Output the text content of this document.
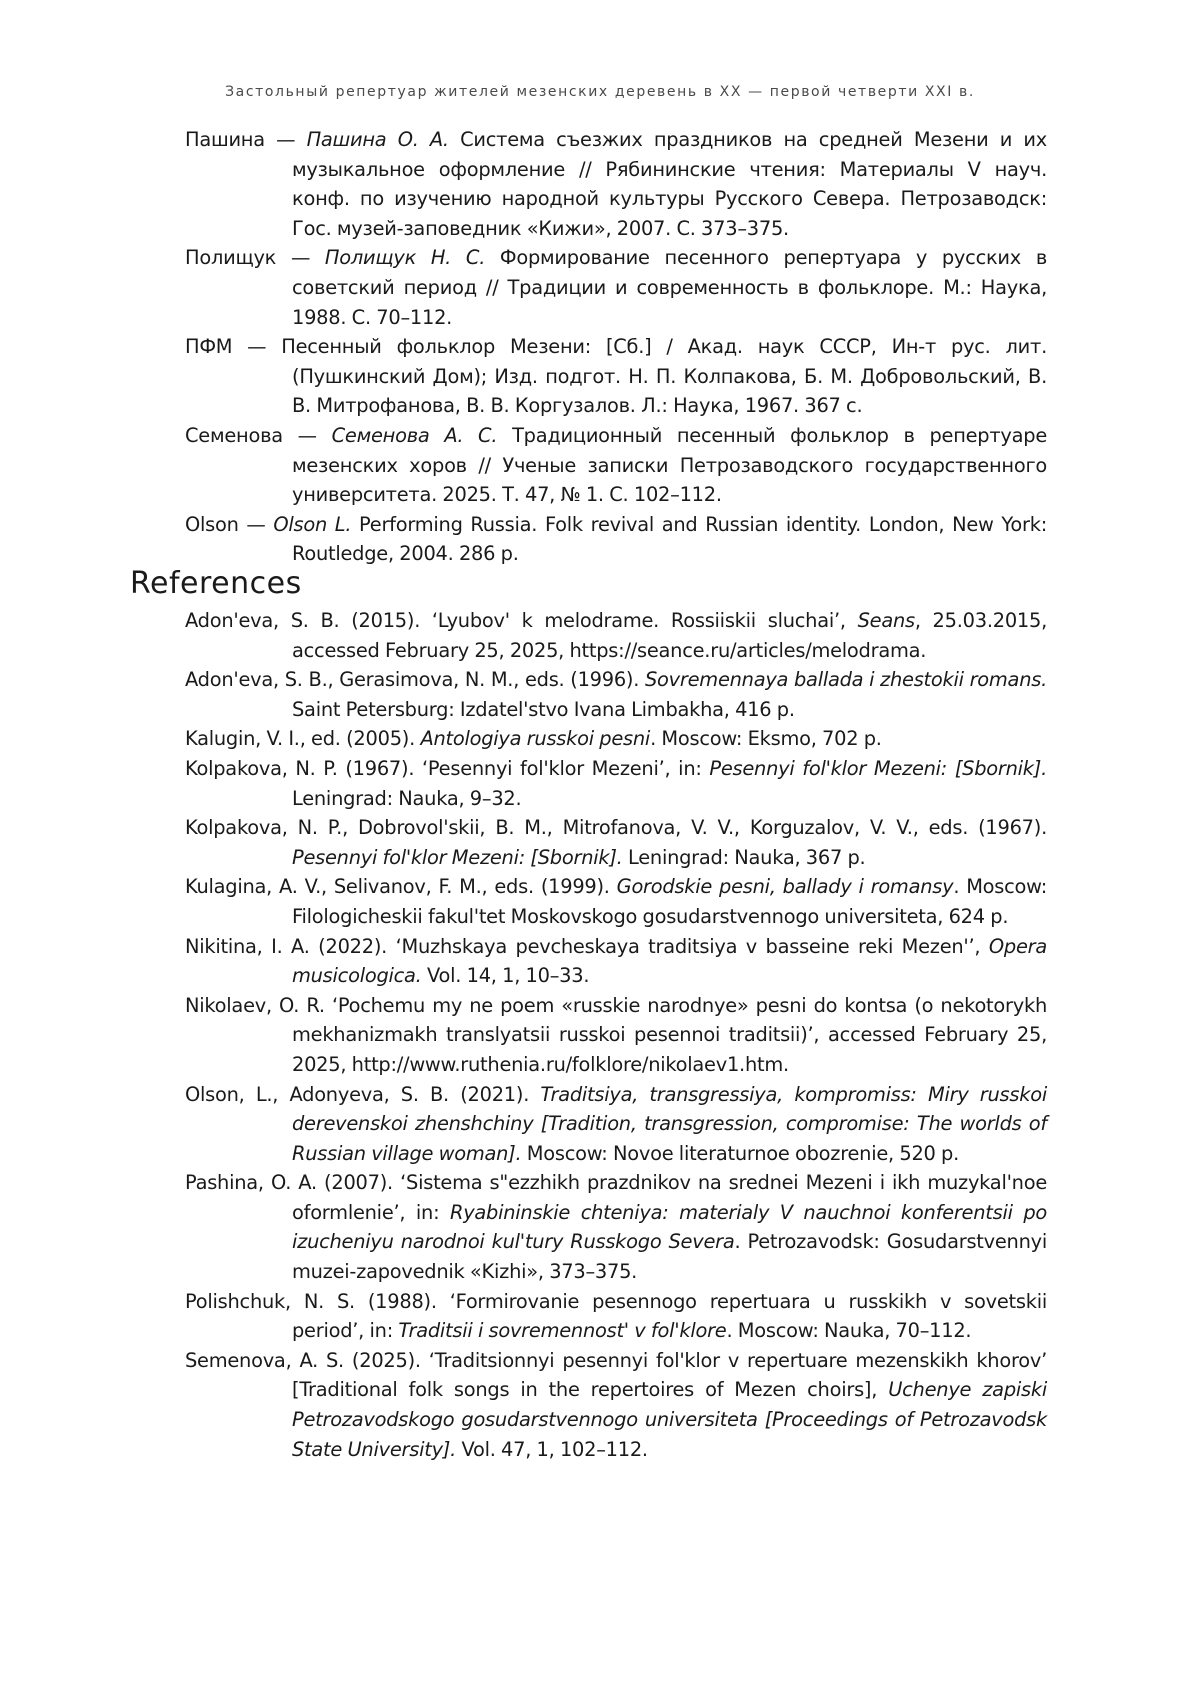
Застольный репертуар жителей мезенских деревень в ХХ — первой четверти XXI в.

Пашина — Пашина О. А. Система съезжих праздников на средней Мезени и их музыкальное оформление // Рябининские чтения: Материалы V науч. конф. по изучению народной культуры Русского Севера. Петрозаводск: Гос. музей-заповедник «Кижи», 2007. С. 373–375.

Полищук — Полищук Н. С. Формирование песенного репертуара у русских в советский период // Традиции и современность в фольклоре. М.: Наука, 1988. С. 70–112.

ПФМ — Песенный фольклор Мезени: [Сб.] / Акад. наук СССР, Ин-т рус. лит. (Пушкинский Дом); Изд. подгот. Н. П. Колпакова, Б. М. Добровольский, В. В. Митрофанова, В. В. Коргузалов. Л.: Наука, 1967. 367 с.

Семенова — Семенова А. С. Традиционный песенный фольклор в репертуаре мезенских хоров // Ученые записки Петрозаводского государственного университета. 2025. Т. 47, № 1. С. 102–112.

Olson — Olson L. Performing Russia. Folk revival and Russian identity. London, New York: Routledge, 2004. 286 p.

References

Adon'eva, S. B. (2015). ‘Lyubov' k melodrame. Rossiiskii sluchai’, Seans, 25.03.2015, accessed February 25, 2025, https://seance.ru/articles/melodrama.

Adon'eva, S. B., Gerasimova, N. M., eds. (1996). Sovremennaya ballada i zhestokii romans. Saint Petersburg: Izdatel'stvo Ivana Limbakha, 416 p.

Kalugin, V. I., ed. (2005). Antologiya russkoi pesni. Moscow: Eksmo, 702 p.

Kolpakova, N. P. (1967). ‘Pesennyi fol'klor Mezeni’, in: Pesennyi fol'klor Mezeni: [Sbornik]. Leningrad: Nauka, 9–32.

Kolpakova, N. P., Dobrovol'skii, B. M., Mitrofanova, V. V., Korguzalov, V. V., eds. (1967). Pesennyi fol'klor Mezeni: [Sbornik]. Leningrad: Nauka, 367 p.

Kulagina, A. V., Selivanov, F. M., eds. (1999). Gorodskie pesni, ballady i romansy. Moscow: Filologicheskii fakul'tet Moskovskogo gosudarstvennogo universiteta, 624 p.

Nikitina, I. A. (2022). ‘Muzhskaya pevcheskaya traditsiya v basseine reki Mezen'’, Opera musicologica. Vol. 14, 1, 10–33.

Nikolaev, O. R. ‘Pochemu my ne poem «russkie narodnye» pesni do kontsa (o nekotorykh mekhanizmakh translyatsii russkoi pesennoi traditsii)’, accessed February 25, 2025, http://www.ruthenia.ru/folklore/nikolaev1.htm.

Olson, L., Adonyeva, S. B. (2021). Traditsiya, transgressiya, kompromiss: Miry russkoi derevenskoi zhenshchiny [Tradition, transgression, compromise: The worlds of Russian village woman]. Moscow: Novoe literaturnoe obozrenie, 520 p.

Pashina, O. A. (2007). ‘Sistema s"ezzhikh prazdnikov na srednei Mezeni i ikh muzykal'noe oformlenie’, in: Ryabininskie chteniya: materialy V nauchnoi konferentsii po izucheniyu narodnoi kul'tury Russkogo Severa. Petrozavodsk: Gosudarstvennyi muzei-zapovednik «Kizhi», 373–375.

Polishchuk, N. S. (1988). ‘Formirovanie pesennogo repertuara u russkikh v sovetskii period’, in: Traditsii i sovremennost' v fol'klore. Moscow: Nauka, 70–112.

Semenova, A. S. (2025). ‘Traditsionnyi pesennyi fol'klor v repertuare mezenskikh khorov’ [Traditional folk songs in the repertoires of Mezen choirs], Uchenye zapiski Petrozavodskogo gosudarstvennogo universiteta [Proceedings of Petrozavodsk State University]. Vol. 47, 1, 102–112.
